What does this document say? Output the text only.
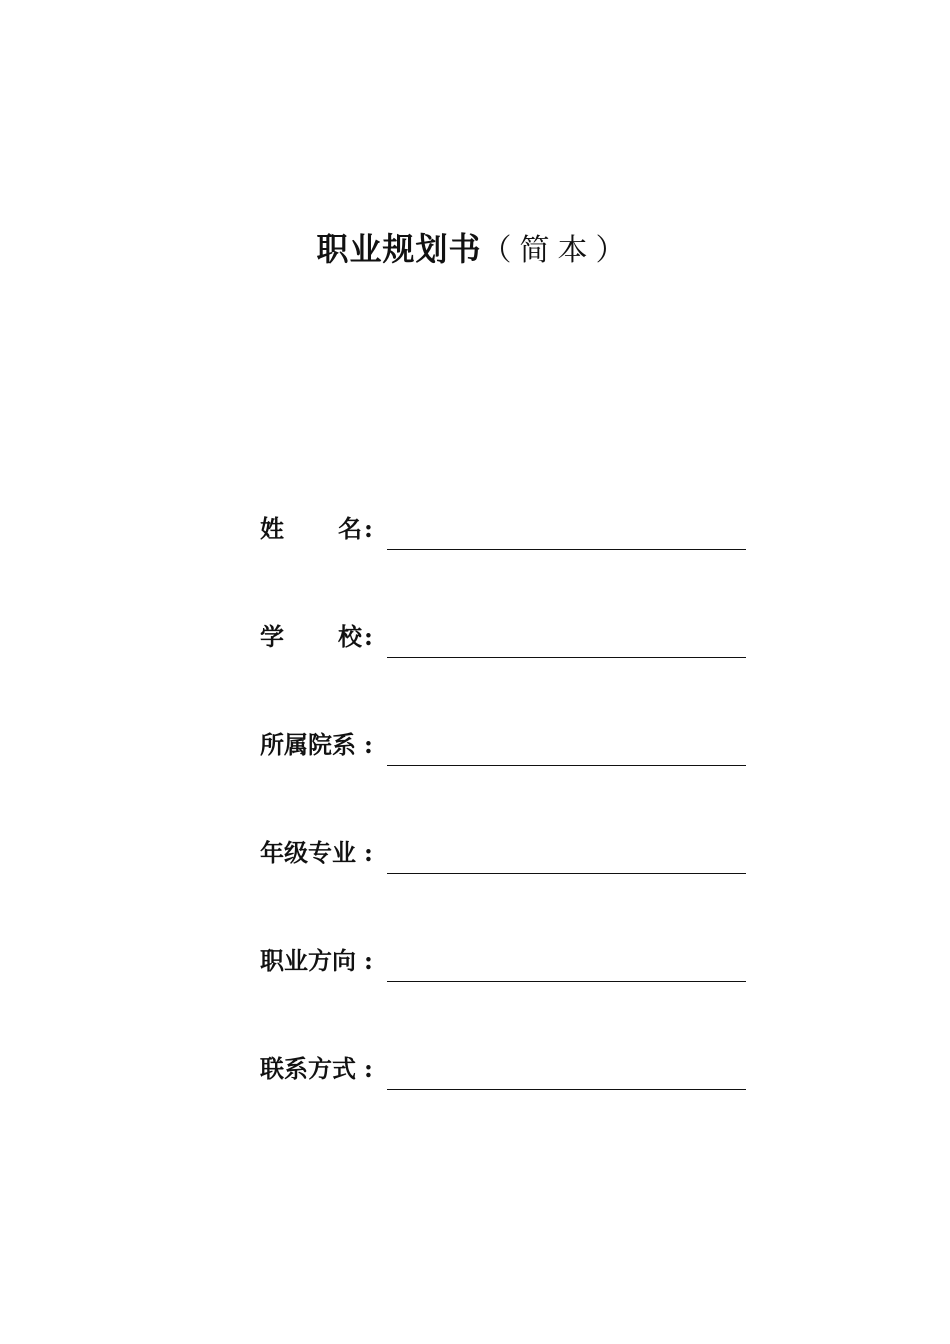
职业规划书（简本）
姓 名 :
学 校 :
所属院系 :
年级专业 :
职业方向 :
联系方式 :
